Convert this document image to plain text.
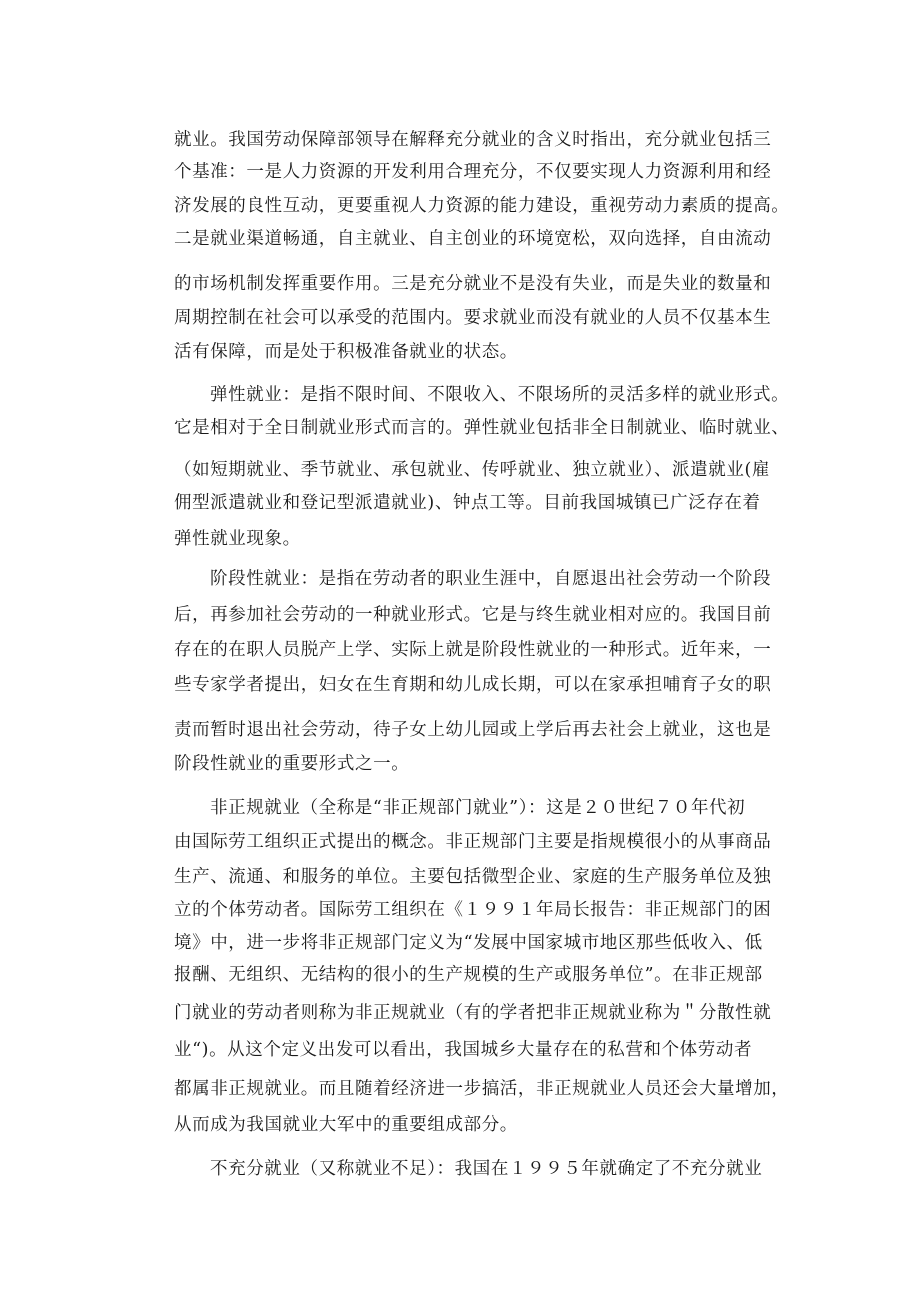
就业。我国劳动保障部领导在解释充分就业的含义时指出，充分就业包括三
个基准：一是人力资源的开发利用合理充分，不仅要实现人力资源利用和经
济发展的良性互动，更要重视人力资源的能力建设，重视劳动力素质的提高。
二是就业渠道畅通，自主就业、自主创业的环境宽松，双向选择，自由流动
的市场机制发挥重要作用。三是充分就业不是没有失业，而是失业的数量和
周期控制在社会可以承受的范围内。要求就业而没有就业的人员不仅基本生
活有保障，而是处于积极准备就业的状态。
弹性就业：是指不限时间、不限收入、不限场所的灵活多样的就业形式。
它是相对于全日制就业形式而言的。弹性就业包括非全日制就业、临时就业、
（如短期就业、季节就业、承包就业、传呼就业、独立就业）、派遣就业(雇
佣型派遣就业和登记型派遣就业)、钟点工等。目前我国城镇已广泛存在着
弹性就业现象。
阶段性就业：是指在劳动者的职业生涯中，自愿退出社会劳动一个阶段
后，再参加社会劳动的一种就业形式。它是与终生就业相对应的。我国目前
存在的在职人员脱产上学、实际上就是阶段性就业的一种形式。近年来，一
些专家学者提出，妇女在生育期和幼儿成长期，可以在家承担哺育子女的职
责而暂时退出社会劳动，待子女上幼儿园或上学后再去社会上就业，这也是
阶段性就业的重要形式之一。
非正规就业（全称是“非正规部门就业”）：这是２０世纪７０年代初
由国际劳工组织正式提出的概念。非正规部门主要是指规模很小的从事商品
生产、流通、和服务的单位。主要包括微型企业、家庭的生产服务单位及独
立的个体劳动者。国际劳工组织在《１９９１年局长报告：非正规部门的困
境》中，进一步将非正规部门定义为“发展中国家城市地区那些低收入、低
报酬、无组织、无结构的很小的生产规模的生产或服务单位”。在非正规部
门就业的劳动者则称为非正规就业（有的学者把非正规就业称为＂分散性就
业“)。从这个定义出发可以看出，我国城乡大量存在的私营和个体劳动者
都属非正规就业。而且随着经济进一步搞活，非正规就业人员还会大量增加，
从而成为我国就业大军中的重要组成部分。
不充分就业（又称就业不足）：我国在１９９５年就确定了不充分就业
